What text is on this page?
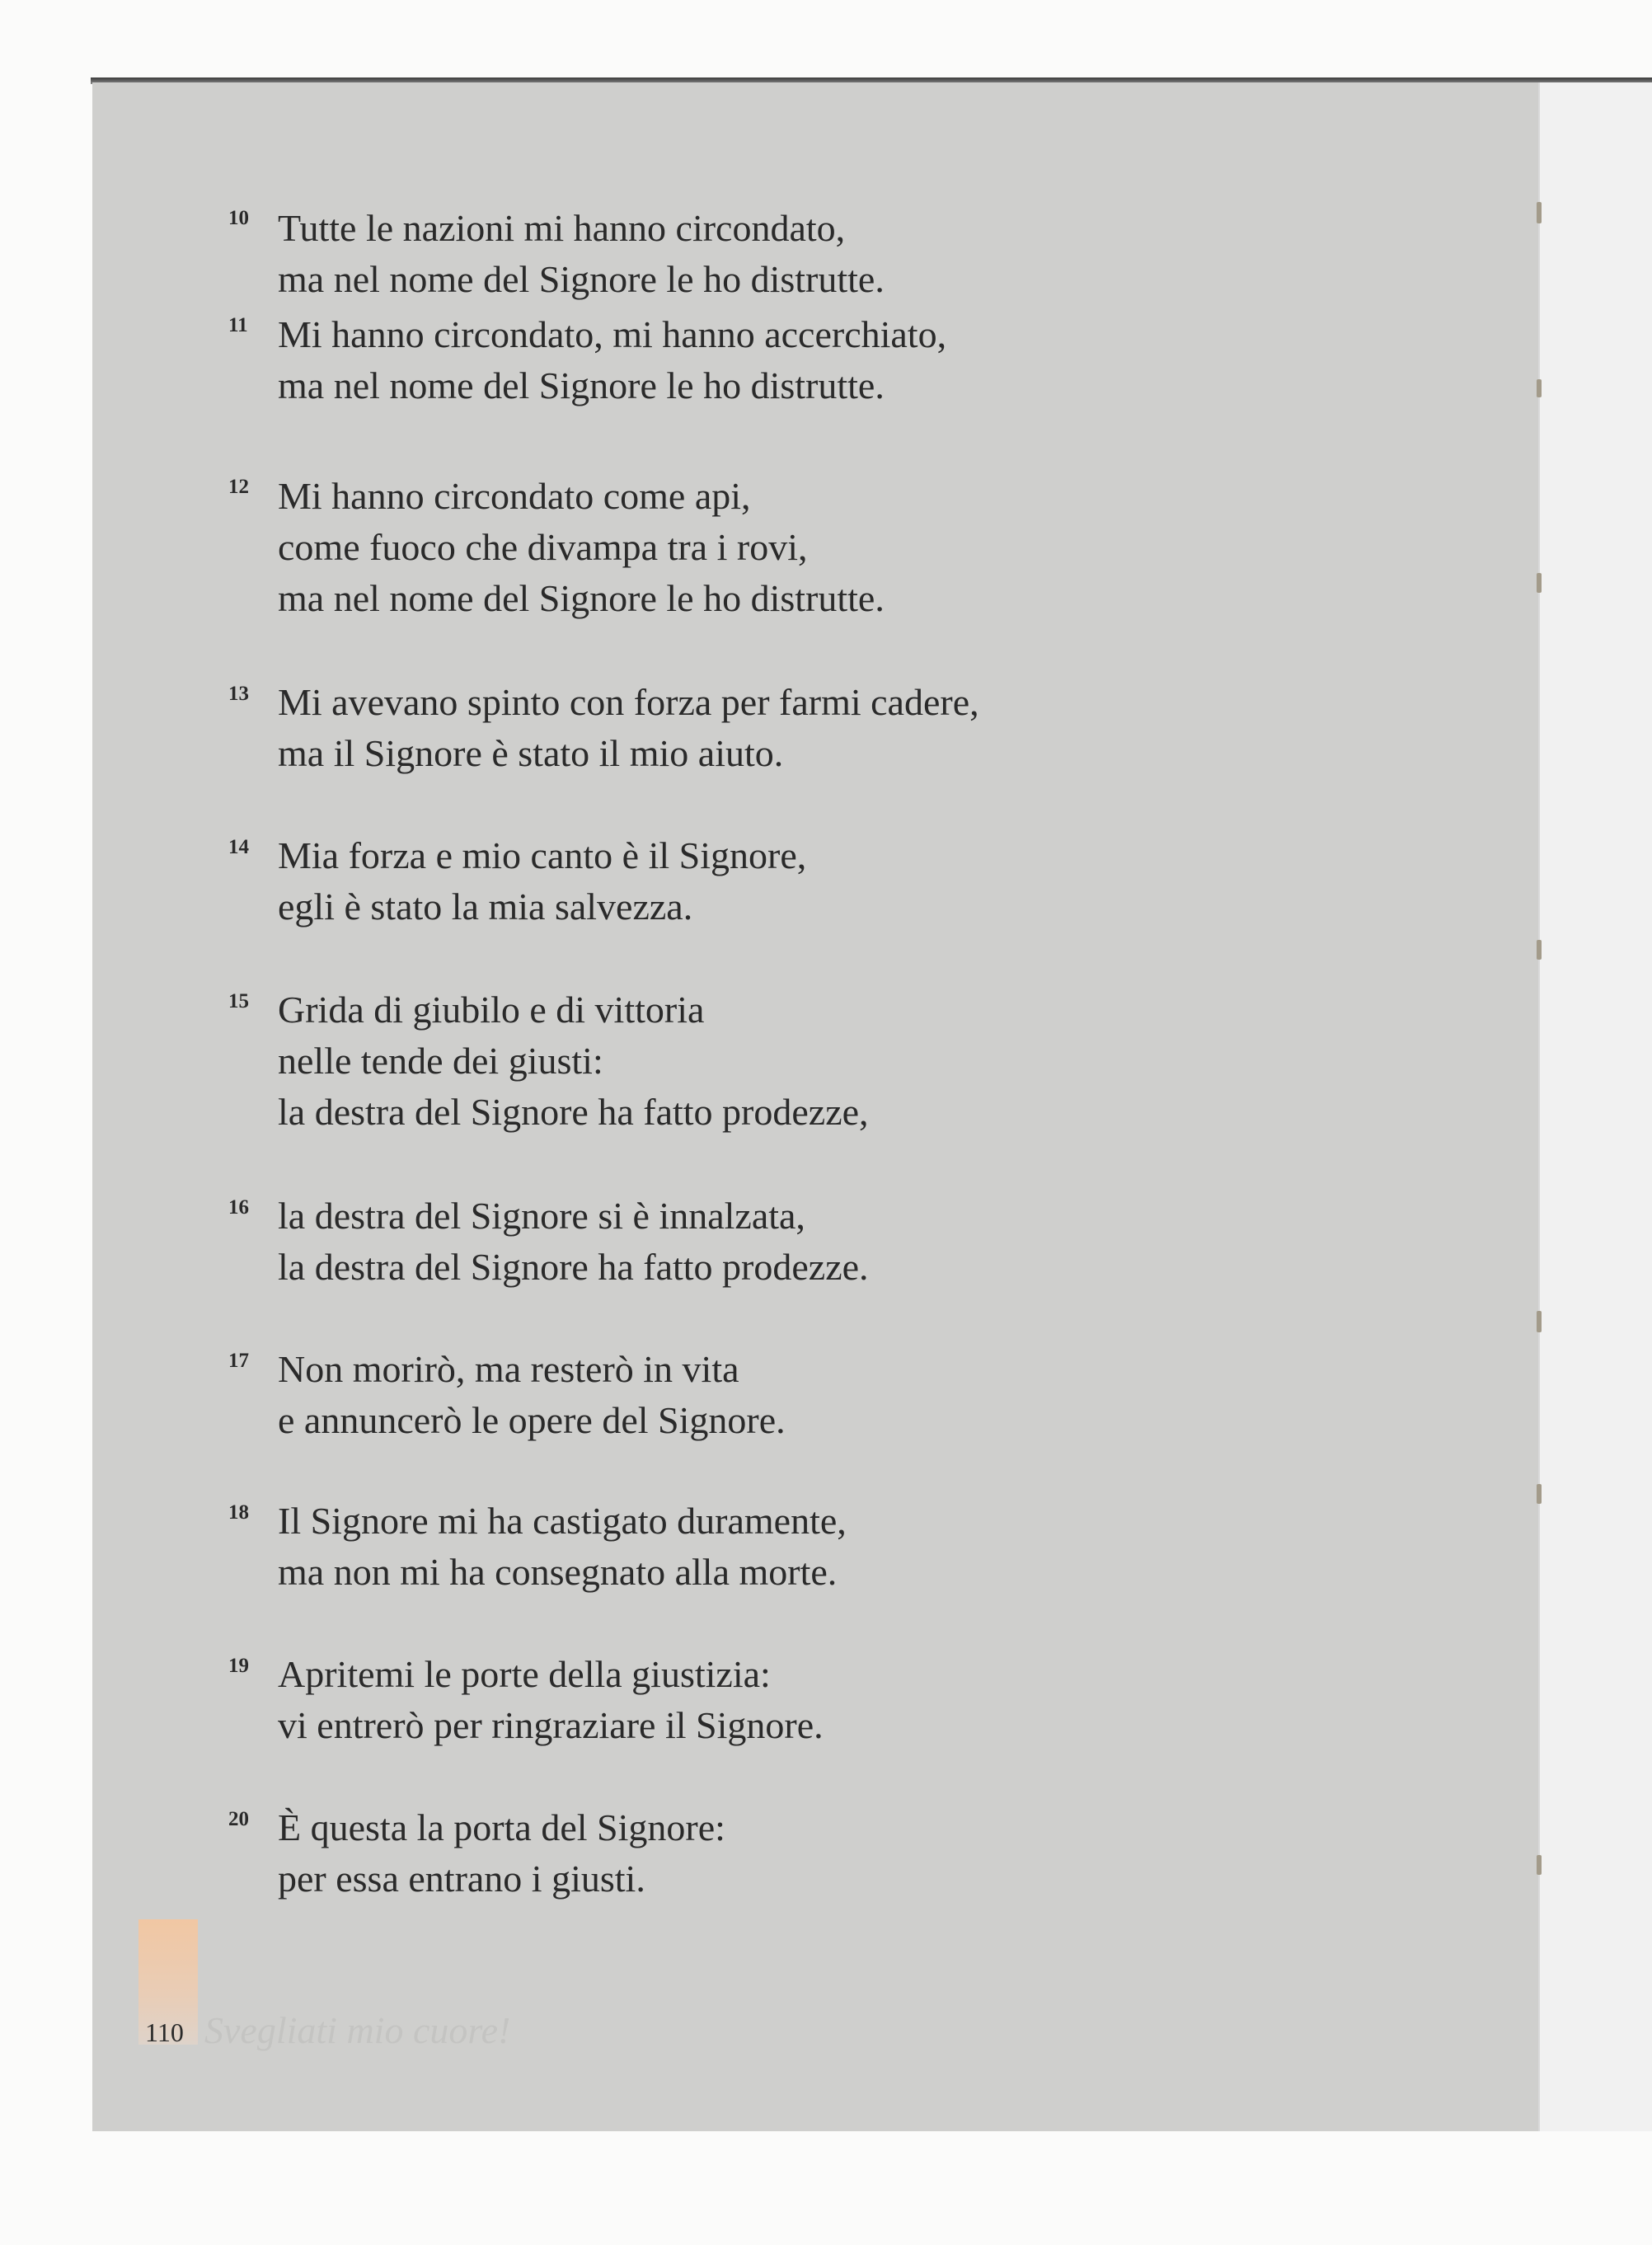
10 Tutte le nazioni mi hanno circondato,
ma nel nome del Signore le ho distrutte.
11 Mi hanno circondato, mi hanno accerchiato,
ma nel nome del Signore le ho distrutte.
12 Mi hanno circondato come api,
come fuoco che divampa tra i rovi,
ma nel nome del Signore le ho distrutte.
13 Mi avevano spinto con forza per farmi cadere,
ma il Signore è stato il mio aiuto.
14 Mia forza e mio canto è il Signore,
egli è stato la mia salvezza.
15 Grida di giubilo e di vittoria
nelle tende dei giusti:
la destra del Signore ha fatto prodezze,
16 la destra del Signore si è innalzata,
la destra del Signore ha fatto prodezze.
17 Non morirò, ma resterò in vita
e annuncerò le opere del Signore.
18 Il Signore mi ha castigato duramente,
ma non mi ha consegnato alla morte.
19 Apritemi le porte della giustizia:
vi entrerò per ringraziare il Signore.
20 È questa la porta del Signore:
per essa entrano i giusti.
110 Svegliati mio cuore!
